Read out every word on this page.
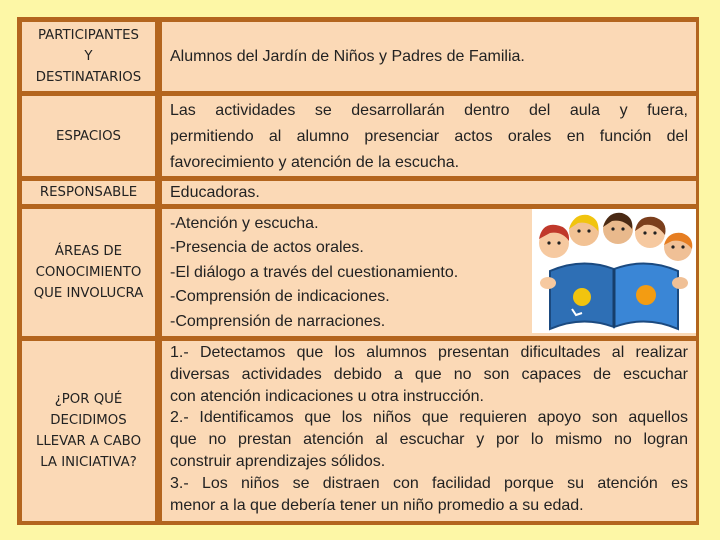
PARTICIPANTES
Y
DESTINATARIOS
Alumnos del Jardín de Niños y Padres de Familia.
ESPACIOS
Las actividades se desarrollarán dentro del aula y fuera,
permitiendo al alumno presenciar actos orales en función del
favorecimiento y atención de la escucha.
RESPONSABLE Educadoras.
ÁREAS DE
CONOCIMIENTO
QUE INVOLUCRA
-Atención y escucha.
-Presencia de actos orales.
-El diálogo a través del cuestionamiento.
-Comprensión de indicaciones.
-Comprensión de narraciones.
¿POR QUÉ
DECIDIMOS
LLEVAR A CABO
LA INICIATIVA?
1.- Detectamos que los alumnos presentan dificultades al realizar
diversas actividades debido a que no son capaces de escuchar
con atención indicaciones u otra instrucción.
2.- Identificamos que los niños que requieren apoyo son aquellos
que no prestan atención al escuchar y por lo mismo no logran
construir aprendizajes sólidos.
3.- Los niños se distraen con facilidad porque su atención es
menor a la que debería tener un niño promedio a su edad.
